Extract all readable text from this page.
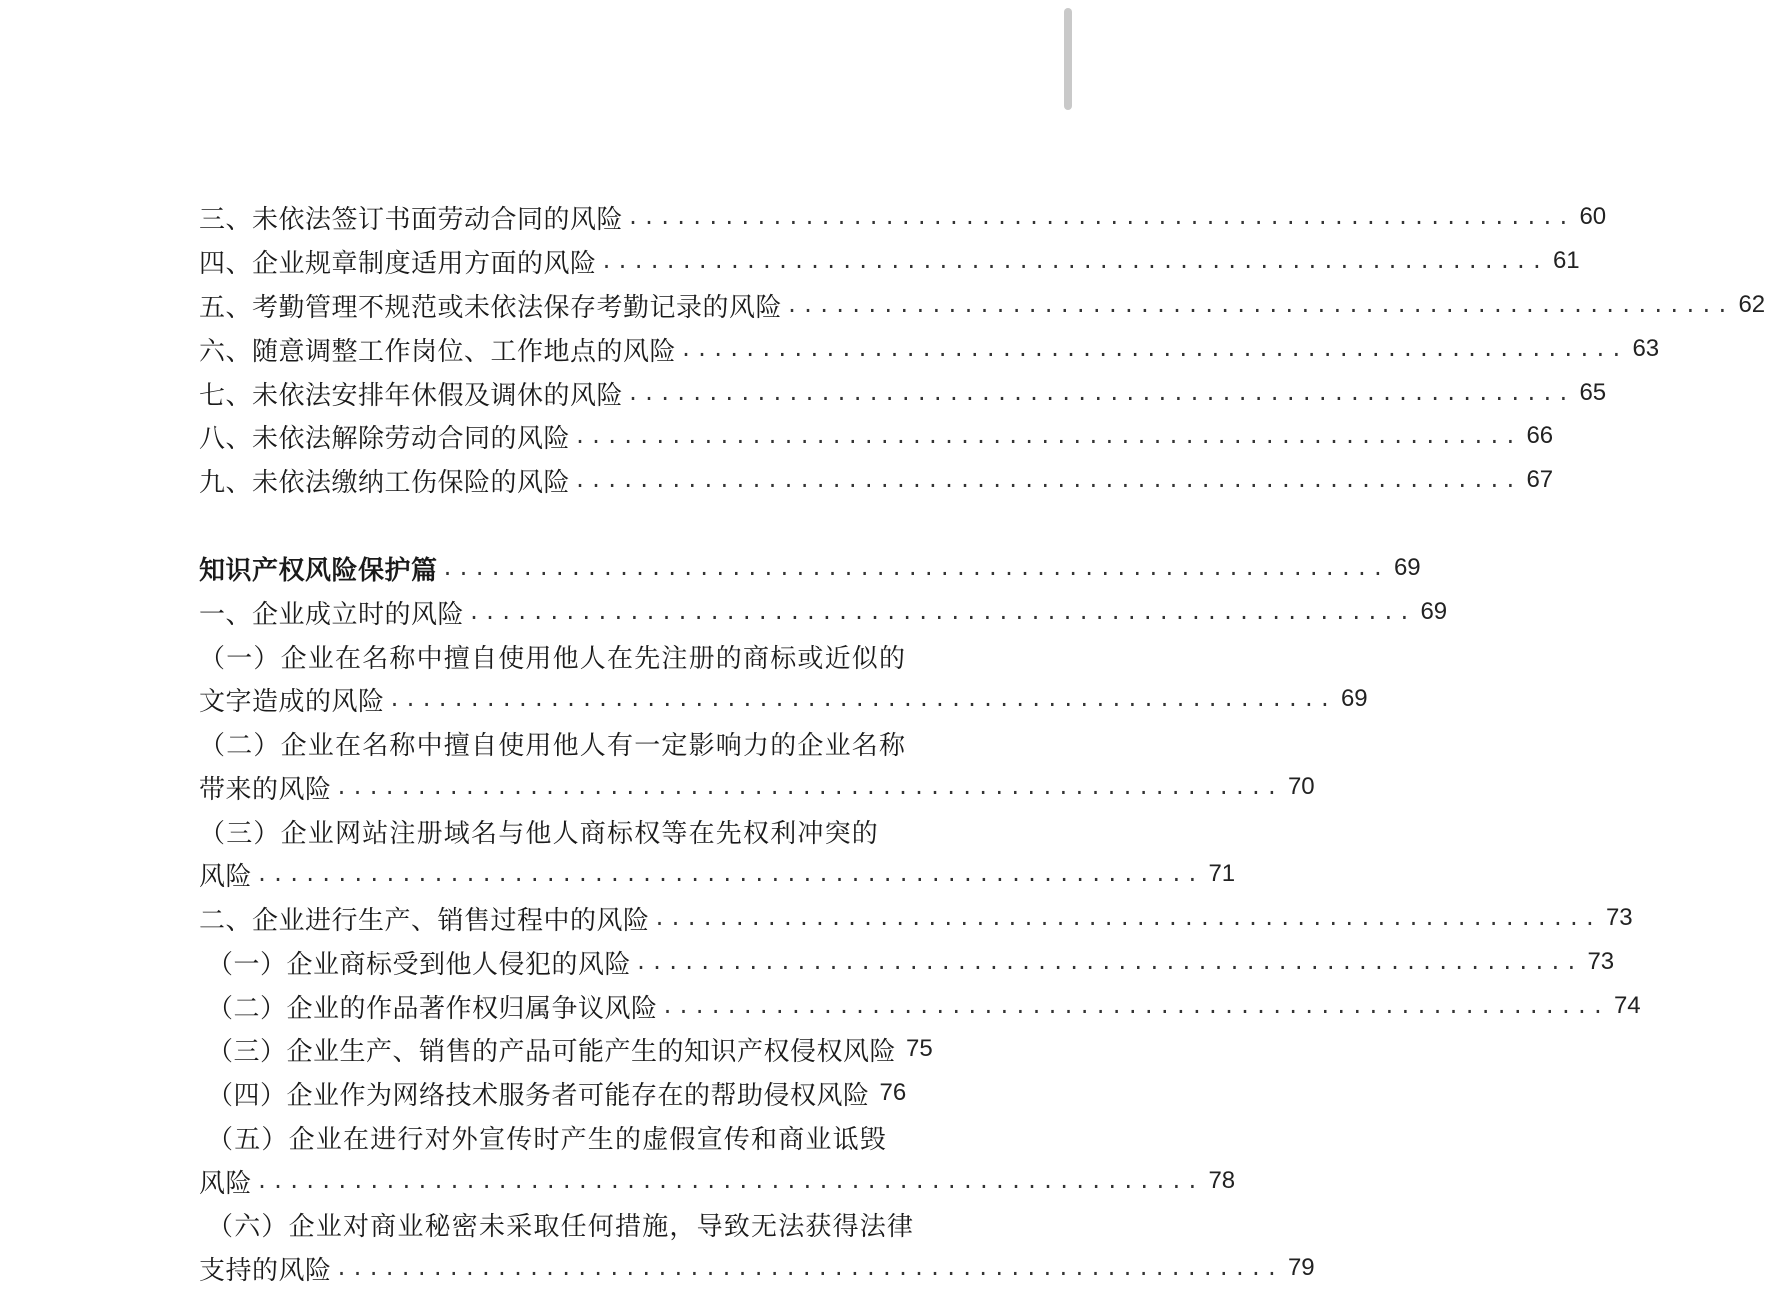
三、未依法签订书面劳动合同的风险 ........................................................... 60
四、企业规章制度适用方面的风险 ........................................................... 61
五、考勤管理不规范或未依法保存考勤记录的风险 ........................................................... 62
六、随意调整工作岗位、工作地点的风险 ........................................................... 63
七、未依法安排年休假及调休的风险 ........................................................... 65
八、未依法解除劳动合同的风险 ........................................................... 66
九、未依法缴纳工伤保险的风险 ........................................................... 67
知识产权风险保护篇 ........................................................... 69
一、企业成立时的风险 ........................................................... 69
（一）企业在名称中擅自使用他人在先注册的商标或近似的
文字造成的风险 ........................................................... 69
（二）企业在名称中擅自使用他人有一定影响力的企业名称
带来的风险 ........................................................... 70
（三）企业网站注册域名与他人商标权等在先权利冲突的
风险 ........................................................... 71
二、企业进行生产、销售过程中的风险 ........................................................... 73
（一）企业商标受到他人侵犯的风险 ........................................................... 73
（二）企业的作品著作权归属争议风险 ........................................................... 74
（三）企业生产、销售的产品可能产生的知识产权侵权风险 75
（四）企业作为网络技术服务者可能存在的帮助侵权风险 76
（五）企业在进行对外宣传时产生的虚假宣传和商业诋毁
风险 ........................................................... 78
（六）企业对商业秘密未采取任何措施，导致无法获得法律
支持的风险 ........................................................... 79
